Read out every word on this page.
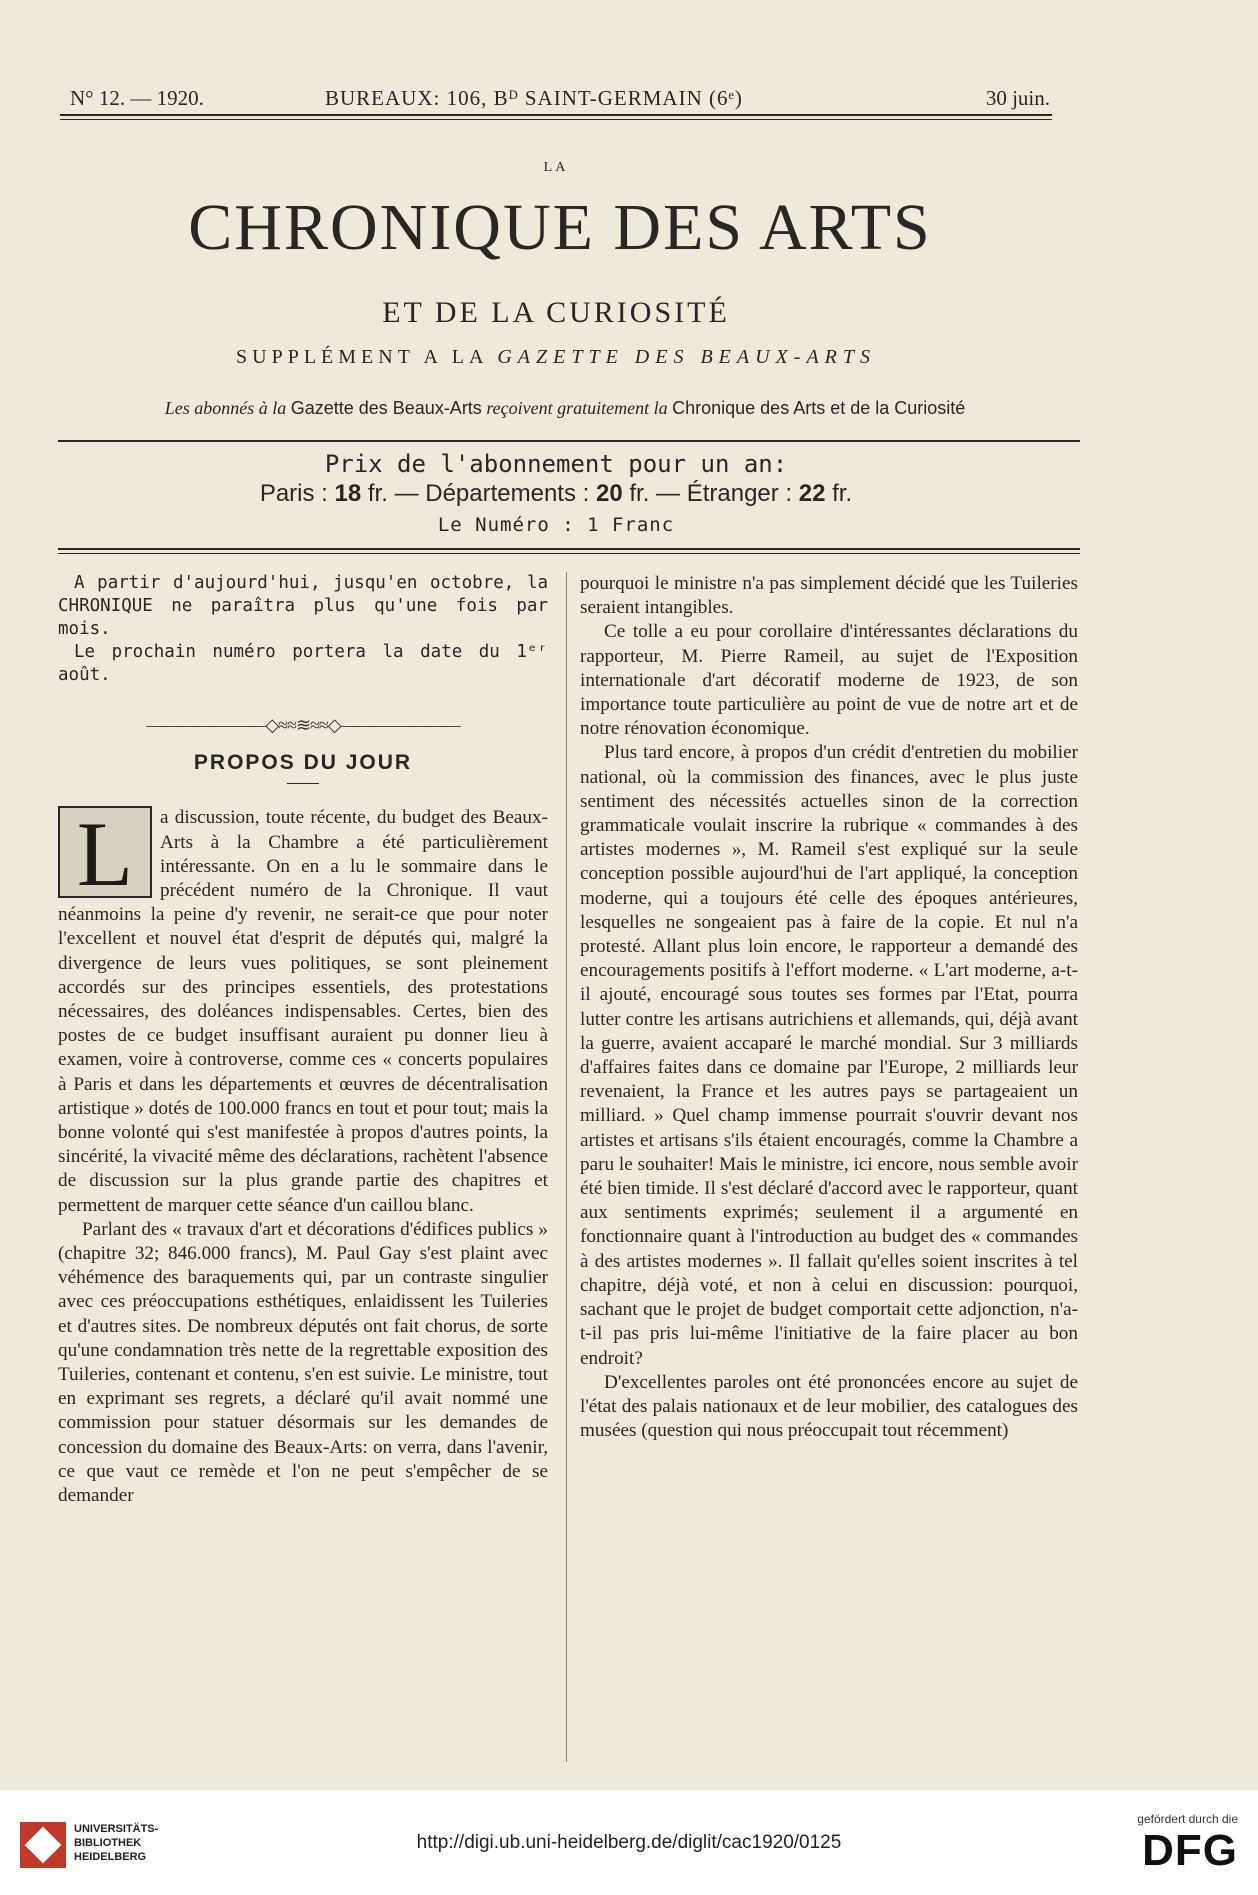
N° 12. — 1920.	BUREAUX: 106, Bᴰ SAINT-GERMAIN (6ᵉ)	30 juin.
LA
CHRONIQUE DES ARTS
ET DE LA CURIOSITÉ
SUPPLÉMENT A LA GAZETTE DES BEAUX-ARTS
Les abonnés à la Gazette des Beaux-Arts reçoivent gratuitement la Chronique des Arts et de la Curiosité
Prix de l'abonnement pour un an:
Paris : 18 fr. — Départements : 20 fr. — Étranger : 22 fr.
Le Numéro : 1 Franc

A partir d'aujourd'hui, jusqu'en octobre, la CHRONIQUE ne paraîtra plus qu'une fois par mois.

Le prochain numéro portera la date du 1ᵉʳ août.

———————◇≈≈≋≈≈◇———————
PROPOS DU JOUR
L	a discussion, toute récente, du budget des Beaux-Arts à la Chambre a été particulièrement intéressante. On en a lu le sommaire dans le précédent numéro de la Chronique. Il vaut néanmoins la peine d'y revenir, ne serait-ce que pour noter l'excellent et nouvel état d'esprit de députés qui, malgré la divergence de leurs vues politiques, se sont pleinement accordés sur des principes essentiels, des protestations nécessaires, des doléances indispensables. Certes, bien des postes de ce budget insuffisant auraient pu donner lieu à examen, voire à controverse, comme ces « concerts populaires à Paris et dans les départements et œuvres de décentralisation artistique » dotés de 100.000 francs en tout et pour tout; mais la bonne volonté qui s'est manifestée à propos d'autres points, la sincérité, la vivacité même des déclarations, rachètent l'absence de discussion sur la plus grande partie des chapitres et permettent de marquer cette séance d'un caillou blanc.

Parlant des « travaux d'art et décorations d'édifices publics » (chapitre 32; 846.000 francs), M. Paul Gay s'est plaint avec véhémence des baraquements qui, par un contraste singulier avec ces préoccupations esthétiques, enlaidissent les Tuileries et d'autres sites. De nombreux députés ont fait chorus, de sorte qu'une condamnation très nette de la regrettable exposition des Tuileries, contenant et contenu, s'en est suivie. Le ministre, tout en exprimant ses regrets, a déclaré qu'il avait nommé une commission pour statuer désormais sur les demandes de concession du domaine des Beaux-Arts: on verra, dans l'avenir, ce que vaut ce remède et l'on ne peut s'empêcher de se demander

pourquoi le ministre n'a pas simplement décidé que les Tuileries seraient intangibles.

Ce tolle a eu pour corollaire d'intéressantes déclarations du rapporteur, M. Pierre Rameil, au sujet de l'Exposition internationale d'art décoratif moderne de 1923, de son importance toute particulière au point de vue de notre art et de notre rénovation économique.

Plus tard encore, à propos d'un crédit d'entretien du mobilier national, où la commission des finances, avec le plus juste sentiment des nécessités actuelles sinon de la correction grammaticale voulait inscrire la rubrique « commandes à des artistes modernes », M. Rameil s'est expliqué sur la seule conception possible aujourd'hui de l'art appliqué, la conception moderne, qui a toujours été celle des époques antérieures, lesquelles ne songeaient pas à faire de la copie. Et nul n'a protesté. Allant plus loin encore, le rapporteur a demandé des encouragements positifs à l'effort moderne. « L'art moderne, a-t-il ajouté, encouragé sous toutes ses formes par l'Etat, pourra lutter contre les artisans autrichiens et allemands, qui, déjà avant la guerre, avaient accaparé le marché mondial. Sur 3 milliards d'affaires faites dans ce domaine par l'Europe, 2 milliards leur revenaient, la France et les autres pays se partageaient un milliard. » Quel champ immense pourrait s'ouvrir devant nos artistes et artisans s'ils étaient encouragés, comme la Chambre a paru le souhaiter! Mais le ministre, ici encore, nous semble avoir été bien timide. Il s'est déclaré d'accord avec le rapporteur, quant aux sentiments exprimés; seulement il a argumenté en fonctionnaire quant à l'introduction au budget des « commandes à des artistes modernes ». Il fallait qu'elles soient inscrites à tel chapitre, déjà voté, et non à celui en discussion: pourquoi, sachant que le projet de budget comportait cette adjonction, n'a-t-il pas pris lui-même l'initiative de la faire placer au bon endroit?

D'excellentes paroles ont été prononcées encore au sujet de l'état des palais nationaux et de leur mobilier, des catalogues des musées (question qui nous préoccupait tout récemment)

UNIVERSITÄTS-
BIBLIOTHEK
HEIDELBERG
http://digi.ub.uni-heidelberg.de/diglit/cac1920/0125
gefördert durch die
DFG
